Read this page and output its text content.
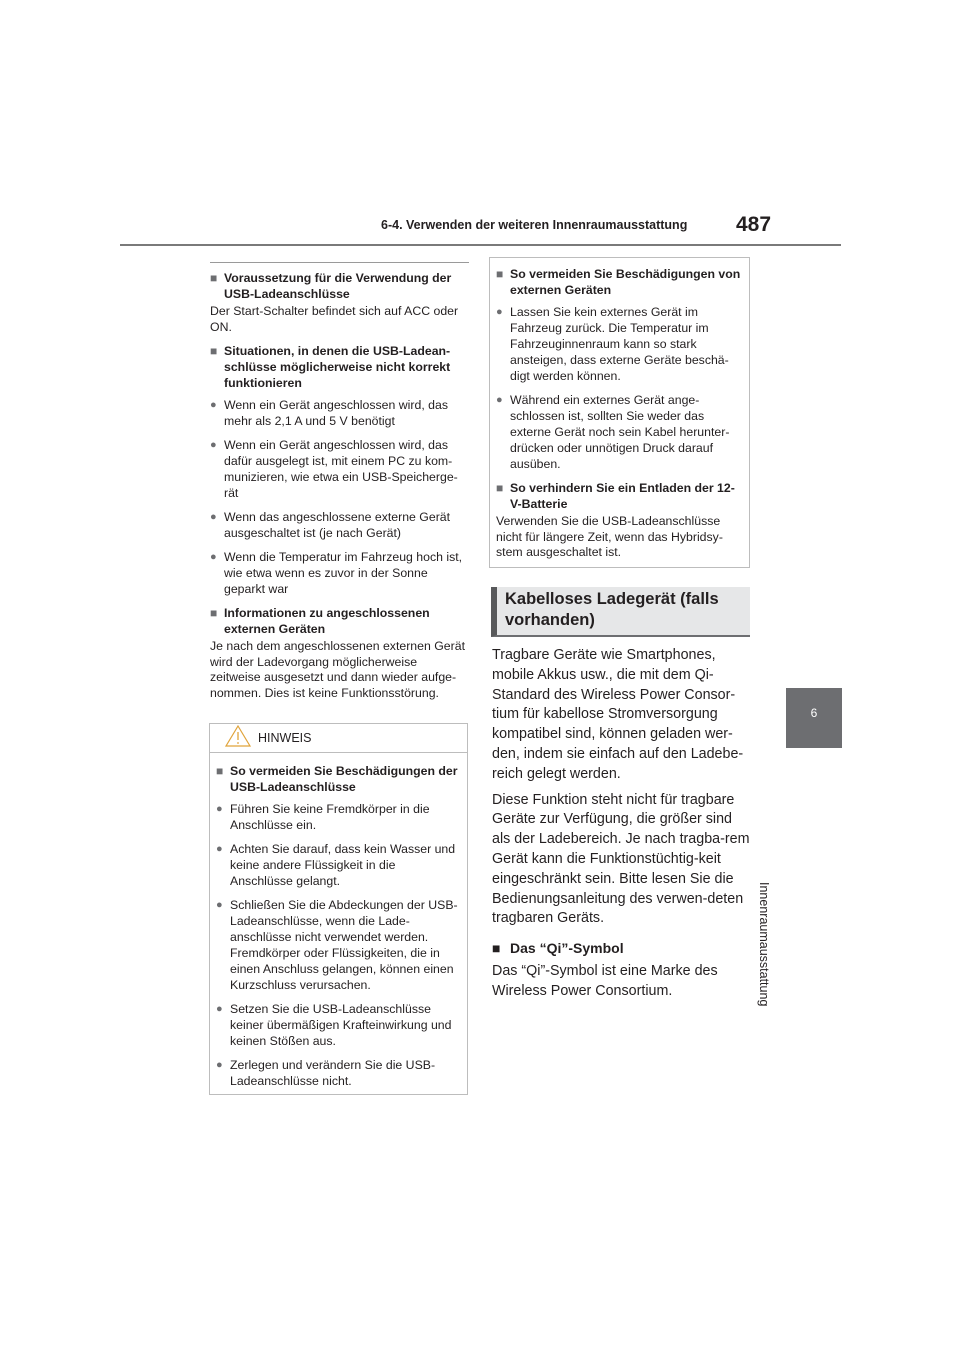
6-4. Verwenden der weiteren Innenraumausstattung 487
6
Innenraumausstattung
■ Voraussetzung für die Verwendung der USB-Ladeanschlüsse
Der Start-Schalter befindet sich auf ACC oder ON.
■ Situationen, in denen die USB-Ladean-schlüsse möglicherweise nicht korrekt funktionieren
● Wenn ein Gerät angeschlossen wird, das mehr als 2,1 A und 5 V benötigt
● Wenn ein Gerät angeschlossen wird, das dafür ausgelegt ist, mit einem PC zu kom-munizieren, wie etwa ein USB-Speicherge-rät
● Wenn das angeschlossene externe Gerät ausgeschaltet ist (je nach Gerät)
● Wenn die Temperatur im Fahrzeug hoch ist, wie etwa wenn es zuvor in der Sonne geparkt war
■ Informationen zu angeschlossenen externen Geräten
Je nach dem angeschlossenen externen Gerät wird der Ladevorgang möglicherweise zeitweise ausgesetzt und dann wieder aufge-nommen. Dies ist keine Funktionsstörung.
HINWEIS
■ So vermeiden Sie Beschädigungen der USB-Ladeanschlüsse
● Führen Sie keine Fremdkörper in die Anschlüsse ein.
● Achten Sie darauf, dass kein Wasser und keine andere Flüssigkeit in die Anschlüsse gelangt.
● Schließen Sie die Abdeckungen der USB-Ladeanschlüsse, wenn die Lade-anschlüsse nicht verwendet werden. Fremdkörper oder Flüssigkeiten, die in einen Anschluss gelangen, können einen Kurzschluss verursachen.
● Setzen Sie die USB-Ladeanschlüsse keiner übermäßigen Krafteinwirkung und keinen Stößen aus.
● Zerlegen und verändern Sie die USB-Ladeanschlüsse nicht.
■ So vermeiden Sie Beschädigungen von externen Geräten
● Lassen Sie kein externes Gerät im Fahrzeug zurück. Die Temperatur im Fahrzeuginnenraum kann so stark ansteigen, dass externe Geräte beschä-digt werden können.
● Während ein externes Gerät ange-schlossen ist, sollten Sie weder das externe Gerät noch sein Kabel herunter-drücken oder unnötigen Druck darauf ausüben.
■ So verhindern Sie ein Entladen der 12-V-Batterie
Verwenden Sie die USB-Ladeanschlüsse nicht für längere Zeit, wenn das Hybridsy-stem ausgeschaltet ist.
Kabelloses Ladegerät (falls vorhanden)

Tragbare Geräte wie Smartphones, mobile Akkus usw., die mit dem Qi-Standard des Wireless Power Consor-tium für kabellose Stromversorgung kompatibel sind, können geladen wer-den, indem sie einfach auf den Ladebe-reich gelegt werden.

Diese Funktion steht nicht für tragbare Geräte zur Verfügung, die größer sind als der Ladebereich. Je nach tragba-rem Gerät kann die Funktionstüchtig-keit eingeschränkt sein. Bitte lesen Sie die Bedienungsanleitung des verwen-deten tragbaren Geräts.

■ Das “Qi”-Symbol

Das “Qi”-Symbol ist eine Marke des Wireless Power Consortium.
